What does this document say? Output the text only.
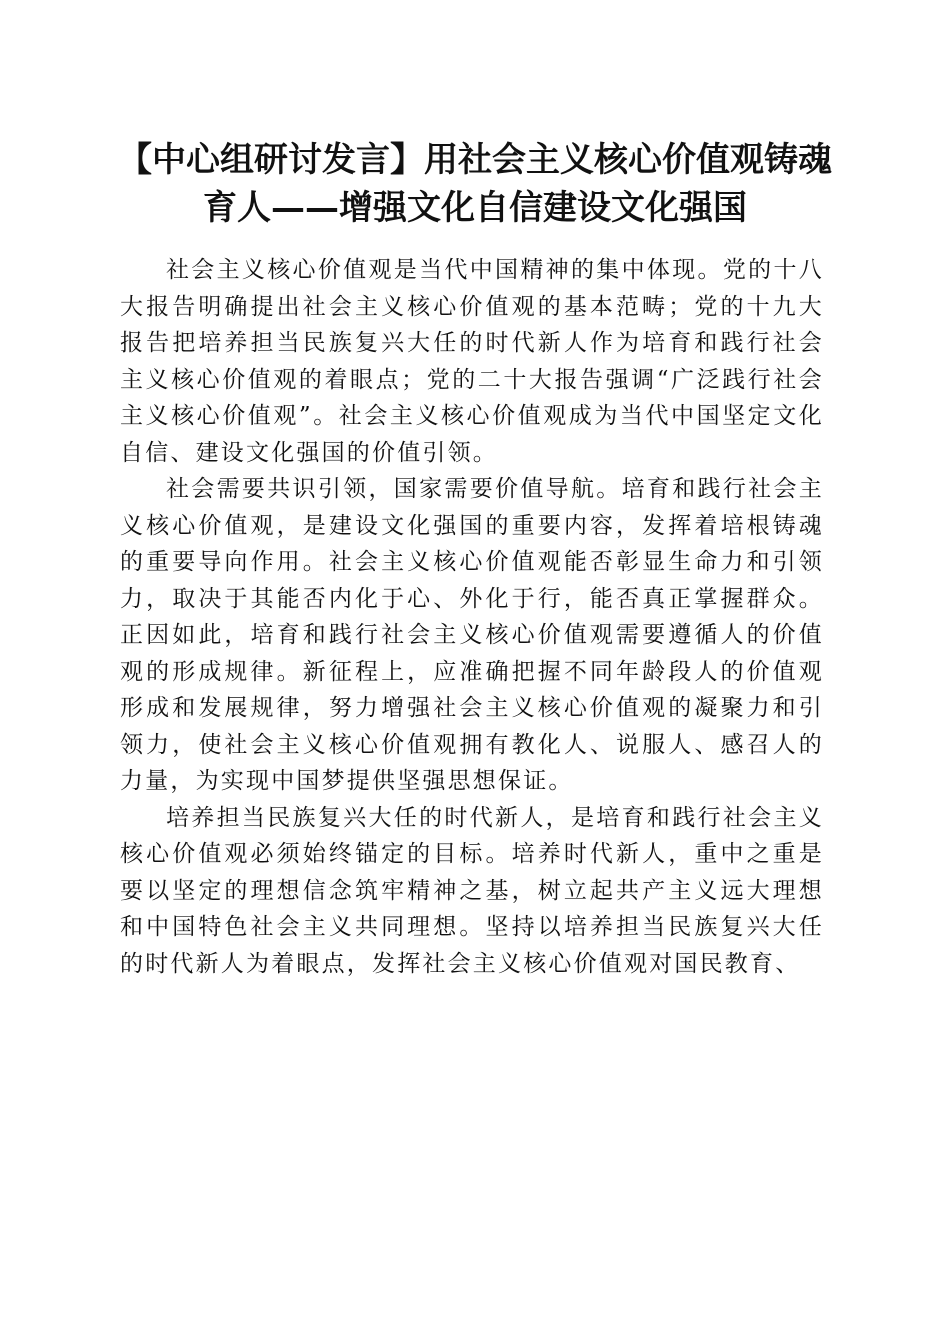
【中心组研讨发言】用社会主义核心价值观铸魂育人——增强文化自信建设文化强国

社会主义核心价值观是当代中国精神的集中体现。党的十八大报告明确提出社会主义核心价值观的基本范畴；党的十九大报告把培养担当民族复兴大任的时代新人作为培育和践行社会主义核心价值观的着眼点；党的二十大报告强调“广泛践行社会主义核心价值观”。社会主义核心价值观成为当代中国坚定文化自信、建设文化强国的价值引领。

社会需要共识引领，国家需要价值导航。培育和践行社会主义核心价值观，是建设文化强国的重要内容，发挥着培根铸魂的重要导向作用。社会主义核心价值观能否彰显生命力和引领力，取决于其能否内化于心、外化于行，能否真正掌握群众。正因如此，培育和践行社会主义核心价值观需要遵循人的价值观的形成规律。新征程上，应准确把握不同年龄段人的价值观形成和发展规律，努力增强社会主义核心价值观的凝聚力和引领力，使社会主义核心价值观拥有教化人、说服人、感召人的力量，为实现中国梦提供坚强思想保证。

培养担当民族复兴大任的时代新人，是培育和践行社会主义核心价值观必须始终锚定的目标。培养时代新人，重中之重是要以坚定的理想信念筑牢精神之基，树立起共产主义远大理想和中国特色社会主义共同理想。坚持以培养担当民族复兴大任的时代新人为着眼点，发挥社会主义核心价值观对国民教育、
